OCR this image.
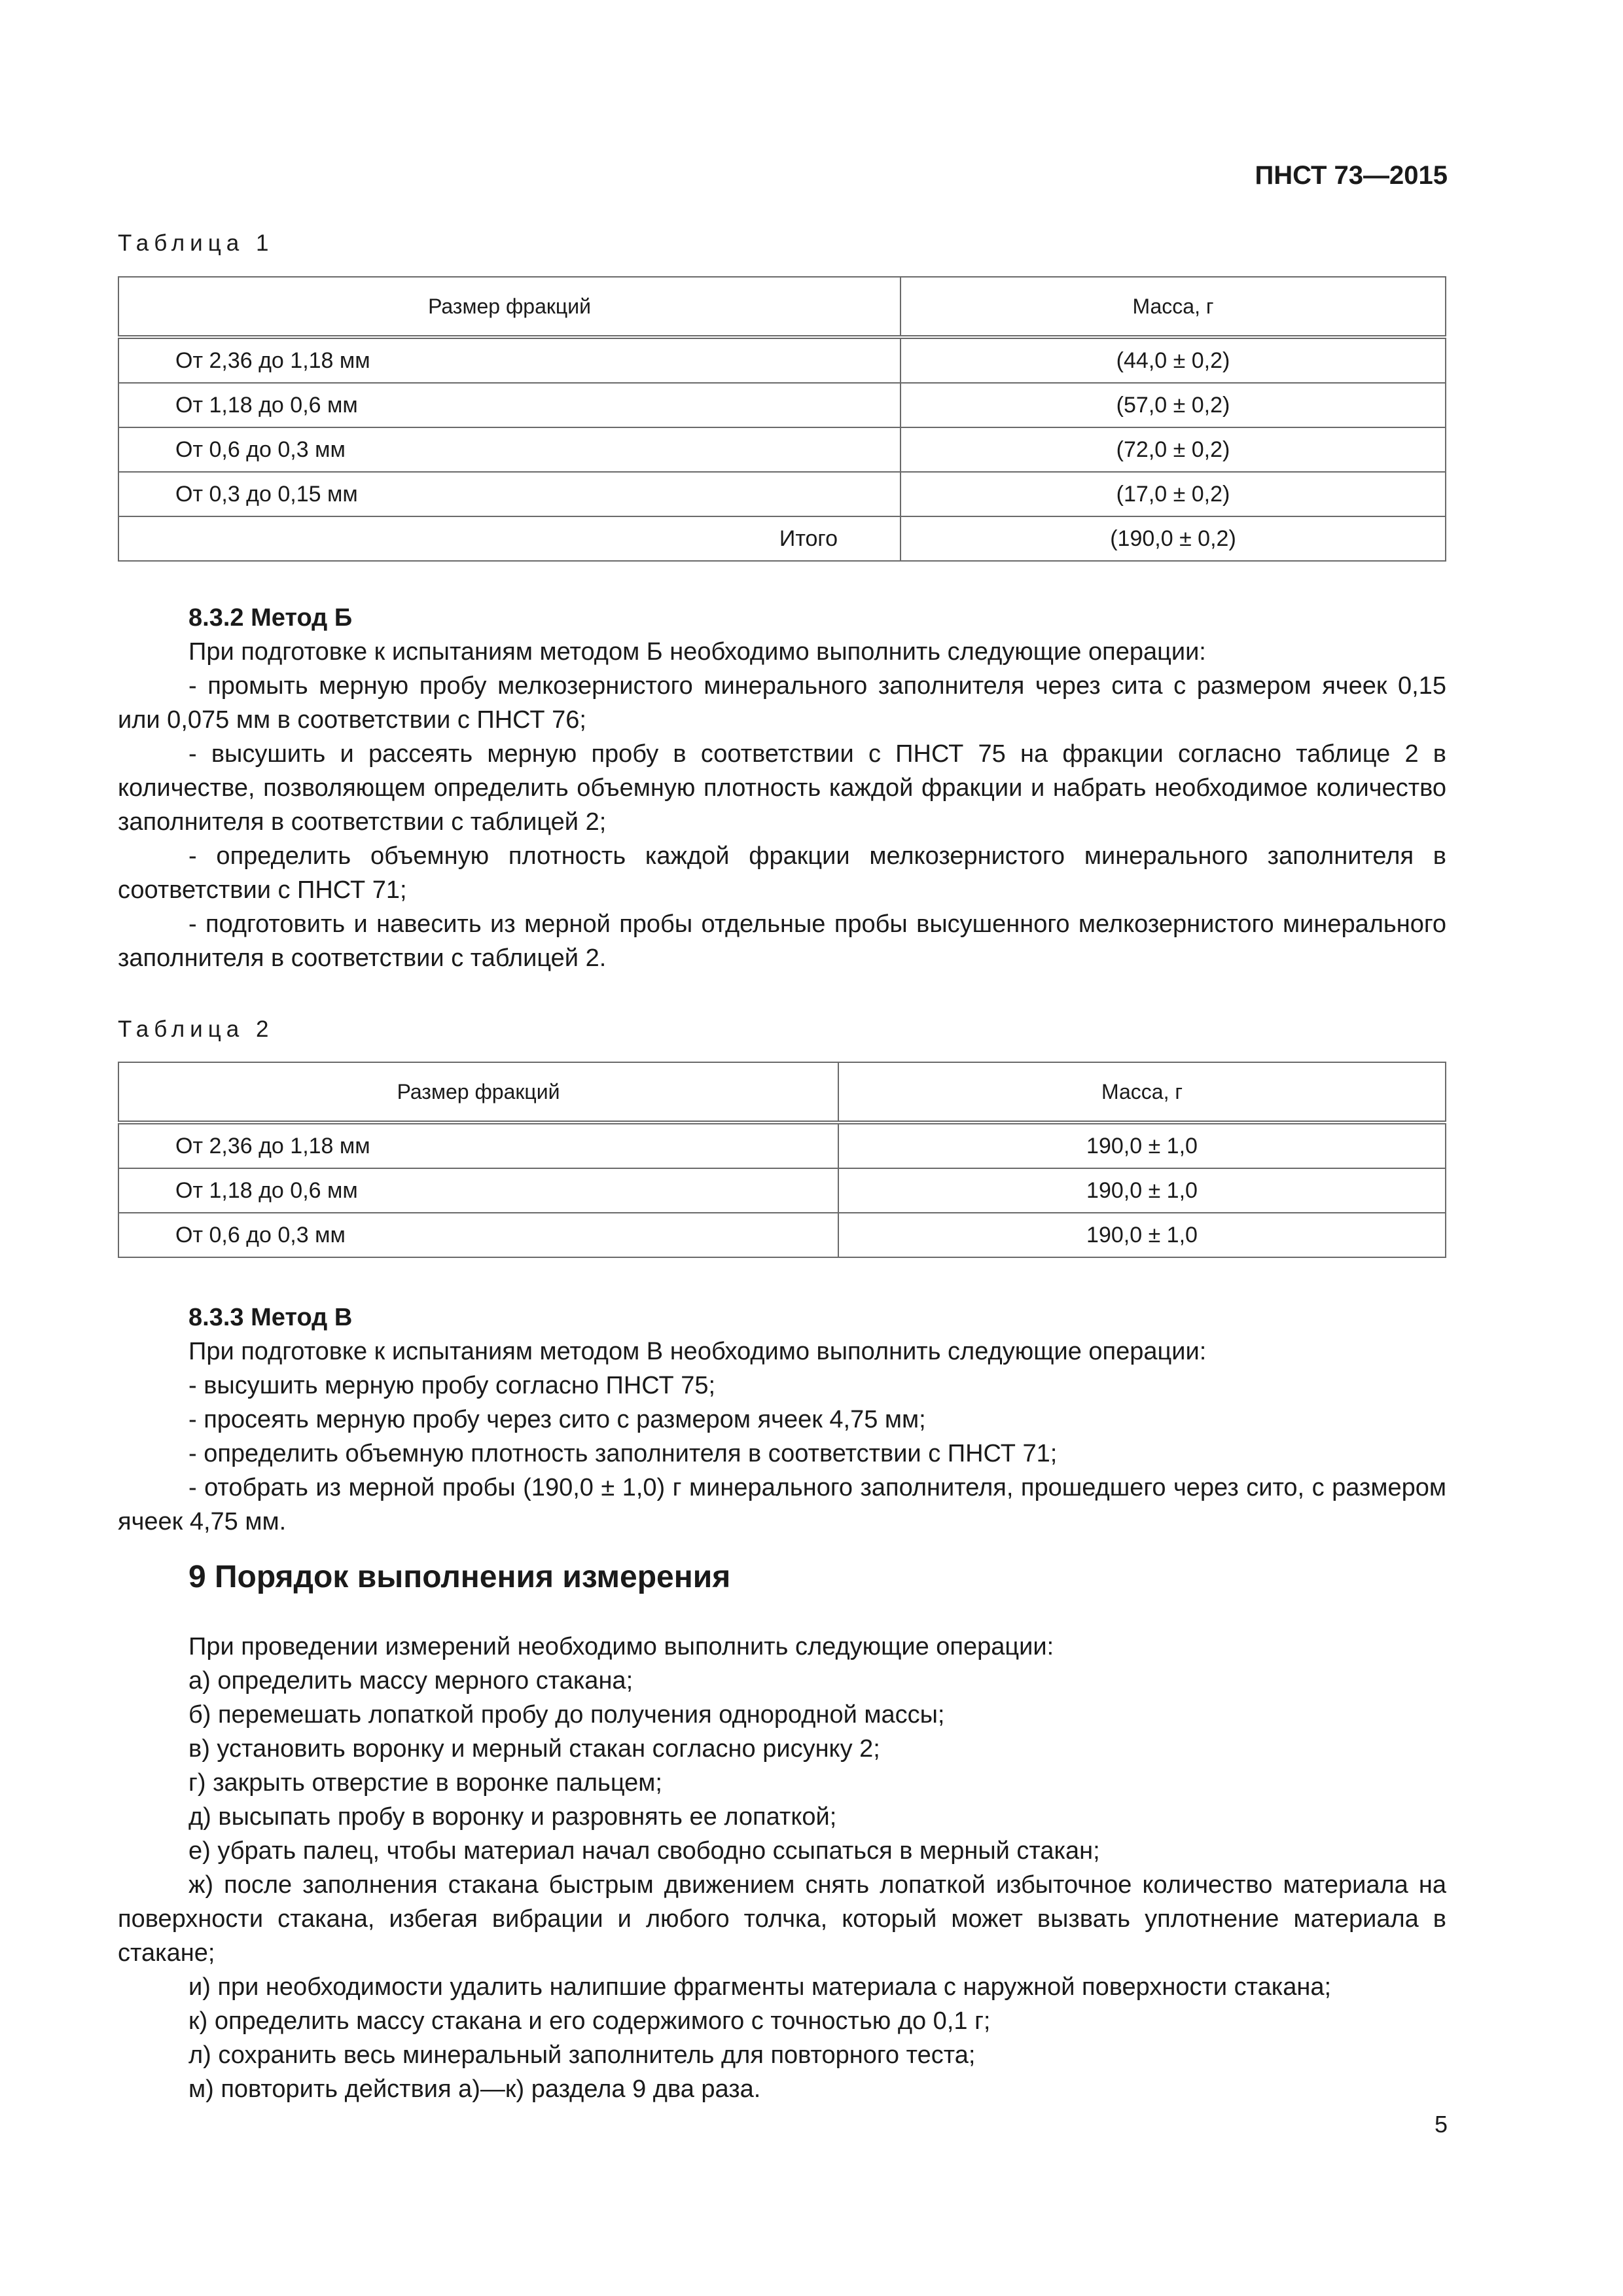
ПНСТ 73—2015
Таблица 1
Размер фракций	Масса, г
От 2,36 до 1,18 мм	(44,0 ± 0,2)
От 1,18 до 0,6 мм	(57,0 ± 0,2)
От 0,6 до 0,3 мм	(72,0 ± 0,2)
От 0,3 до 0,15 мм	(17,0 ± 0,2)
Итого	(190,0 ± 0,2)

8.3.2 Метод Б

При подготовке к испытаниям методом Б необходимо выполнить следующие операции:

- промыть мерную пробу мелкозернистого минерального заполнителя через сита с размером ячеек 0,15 или 0,075 мм в соответствии с ПНСТ 76;

- высушить и рассеять мерную пробу в соответствии с ПНСТ 75 на фракции согласно таблице 2 в количестве, позволяющем определить объемную плотность каждой фракции и набрать необходимое количество заполнителя в соответствии с таблицей 2;

- определить объемную плотность каждой фракции мелкозернистого минерального заполнителя в соответствии с ПНСТ 71;

- подготовить и навесить из мерной пробы отдельные пробы высушенного мелкозернистого минерального заполнителя в соответствии с таблицей 2.

Таблица 2
Размер фракций	Масса, г
От 2,36 до 1,18 мм	190,0 ± 1,0
От 1,18 до 0,6 мм	190,0 ± 1,0
От 0,6 до 0,3 мм	190,0 ± 1,0

8.3.3 Метод В

При подготовке к испытаниям методом В необходимо выполнить следующие операции:

- высушить мерную пробу согласно ПНСТ 75;

- просеять мерную пробу через сито с размером ячеек 4,75 мм;

- определить объемную плотность заполнителя в соответствии с ПНСТ 71;

- отобрать из мерной пробы (190,0 ± 1,0) г минерального заполнителя, прошедшего через сито, с размером ячеек 4,75 мм.

9 Порядок выполнения измерения

При проведении измерений необходимо выполнить следующие операции:

а) определить массу мерного стакана;

б) перемешать лопаткой пробу до получения однородной массы;

в) установить воронку и мерный стакан согласно рисунку 2;

г) закрыть отверстие в воронке пальцем;

д) высыпать пробу в воронку и разровнять ее лопаткой;

е) убрать палец, чтобы материал начал свободно ссыпаться в мерный стакан;

ж) после заполнения стакана быстрым движением снять лопаткой избыточное количество материала на поверхности стакана, избегая вибрации и любого толчка, который может вызвать уплотнение материала в стакане;

и) при необходимости удалить налипшие фрагменты материала с наружной поверхности стакана;

к) определить массу стакана и его содержимого с точностью до 0,1 г;

л) сохранить весь минеральный заполнитель для повторного теста;

м) повторить действия а)—к) раздела 9 два раза.

5
